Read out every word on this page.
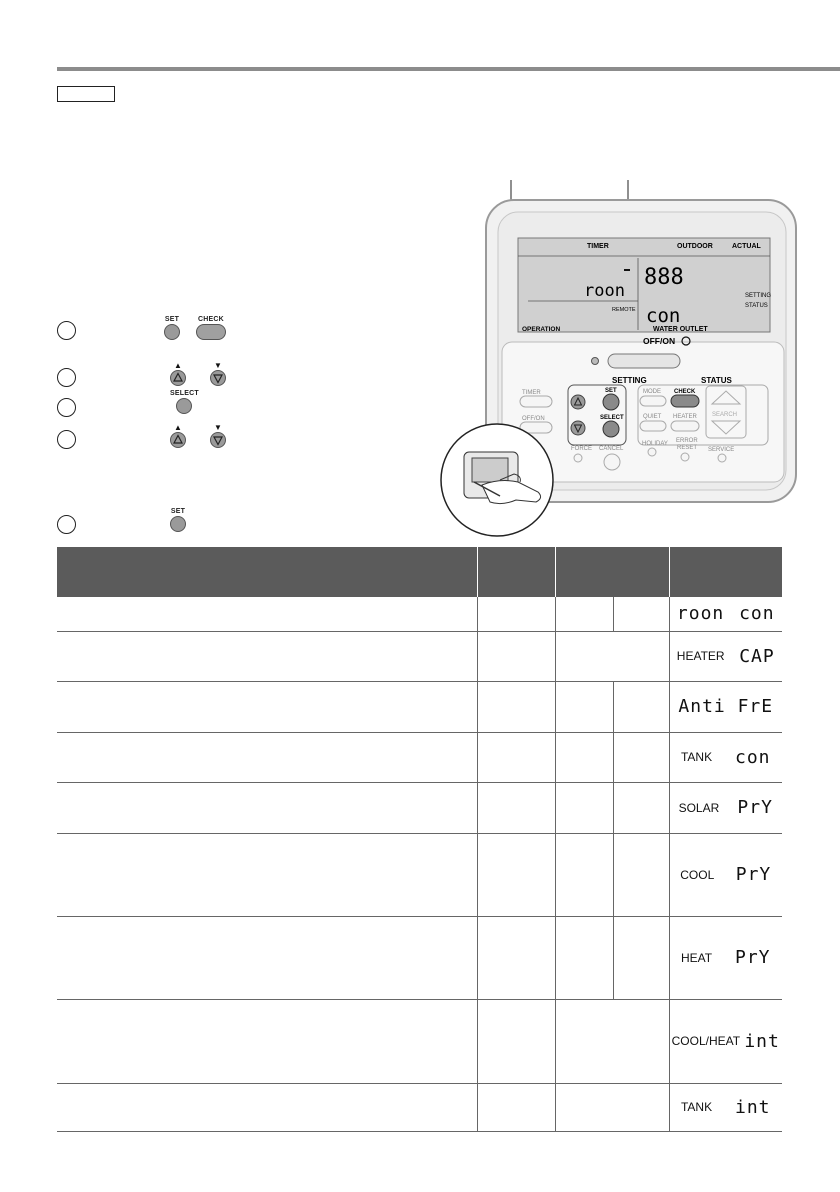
SET	CHECK
▲	▼
SELECT
▲	▼
SET
TIMER	OUTDOOR	ACTUAL
888
SETTING
STATUS
roon
REMOTE con
OPERATION	WATER OUTLET
OFF/ON
SETTING	STATUS
TIMER
OFF/ON
SET
SELECT
FORCE CANCEL
MODE CHECK
QUIET HEATER
HOLIDAY ERROR
RESET
SEARCH
SERVICE

				roon con

				HEATER CAP

				Anti FrE

				TANK con

				SOLAR PrY

				COOL PrY

				HEAT PrY

				COOL/HEAT int

				TANK int
